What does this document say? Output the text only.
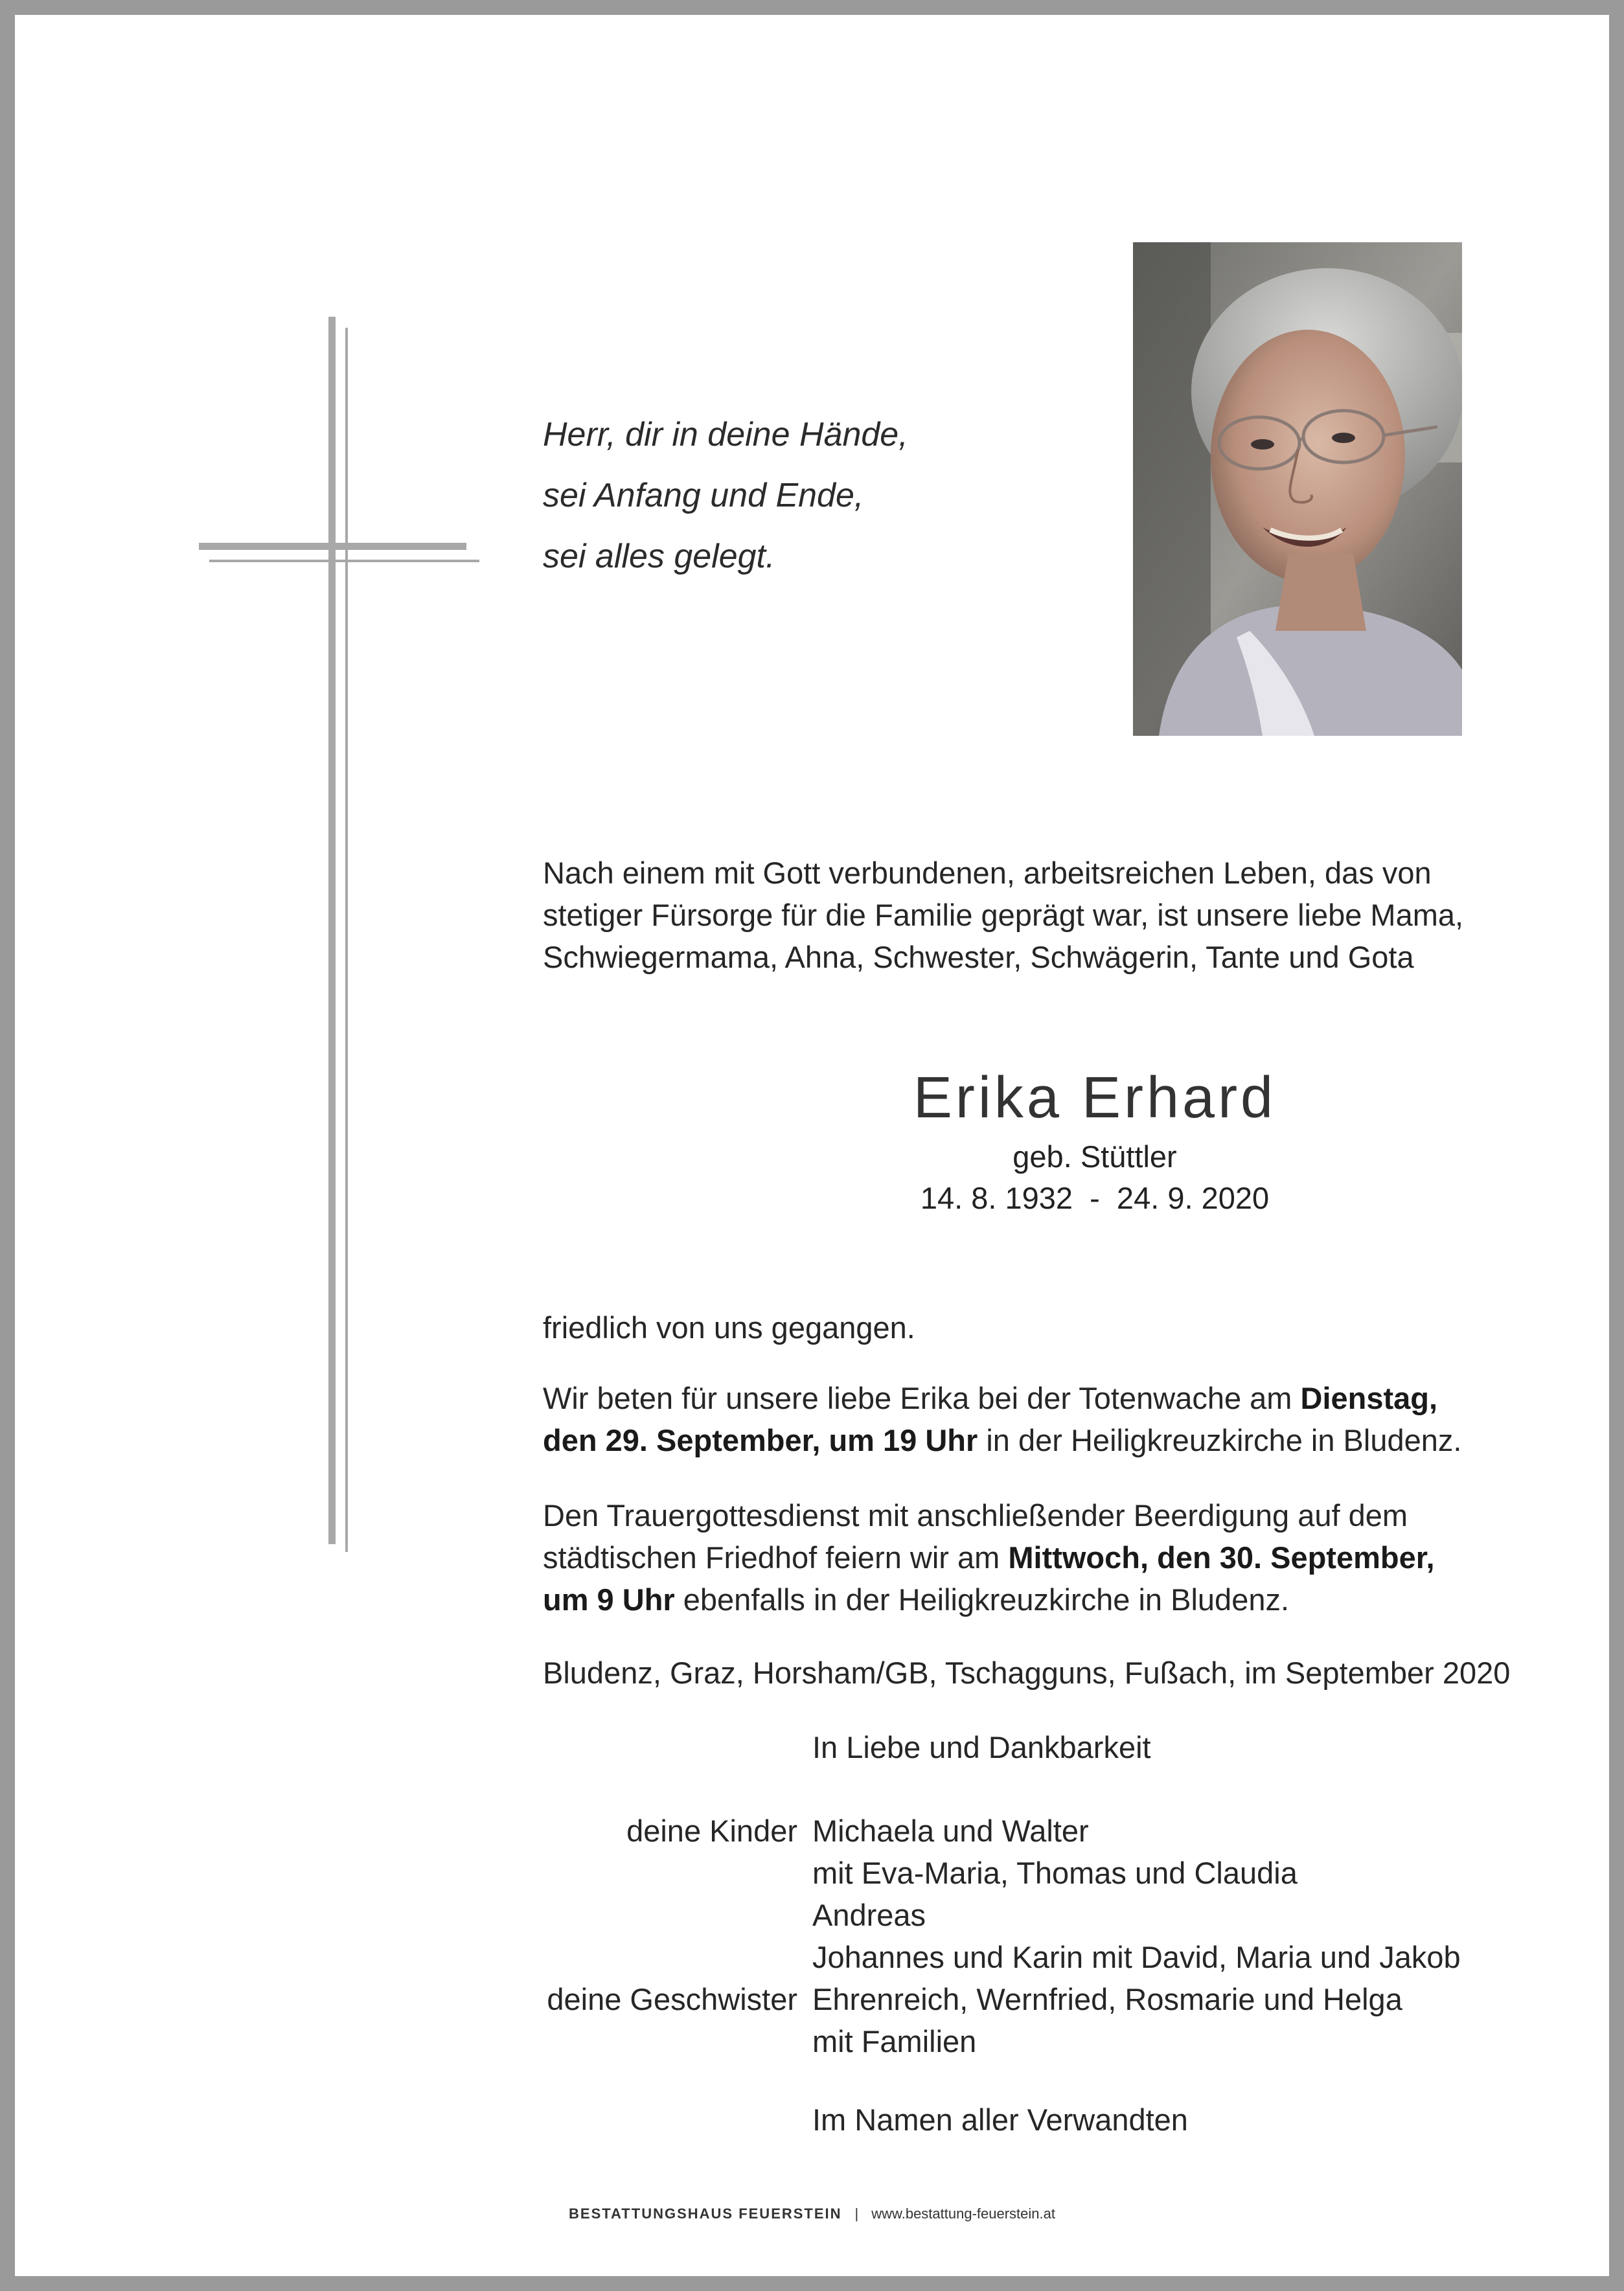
Herr, dir in deine Hände,
sei Anfang und Ende,
sei alles gelegt.
Nach einem mit Gott verbundenen, arbeitsreichen Leben, das von
stetiger Fürsorge für die Familie geprägt war, ist unsere liebe Mama,
Schwiegermama, Ahna, Schwester, Schwägerin, Tante und Gota
Erika Erhard
geb. Stüttler
14. 8. 1932  -  24. 9. 2020
friedlich von uns gegangen.
Wir beten für unsere liebe Erika bei der Totenwache am Dienstag,
den 29. September, um 19 Uhr in der Heiligkreuzkirche in Bludenz.
Den Trauergottesdienst mit anschließender Beerdigung auf dem
städtischen Friedhof feiern wir am Mittwoch, den 30. September,
um 9 Uhr ebenfalls in der Heiligkreuzkirche in Bludenz.
Bludenz, Graz, Horsham/GB, Tschagguns, Fußach, im September 2020
In Liebe und Dankbarkeit
deine Kinder Michaela und Walter
mit Eva-Maria, Thomas und Claudia
Andreas
Johannes und Karin mit David, Maria und Jakob
deine Geschwister Ehrenreich, Wernfried, Rosmarie und Helga
mit Familien
Im Namen aller Verwandten
BESTATTUNGSHAUS FEUERSTEIN | www.bestattung-feuerstein.at
